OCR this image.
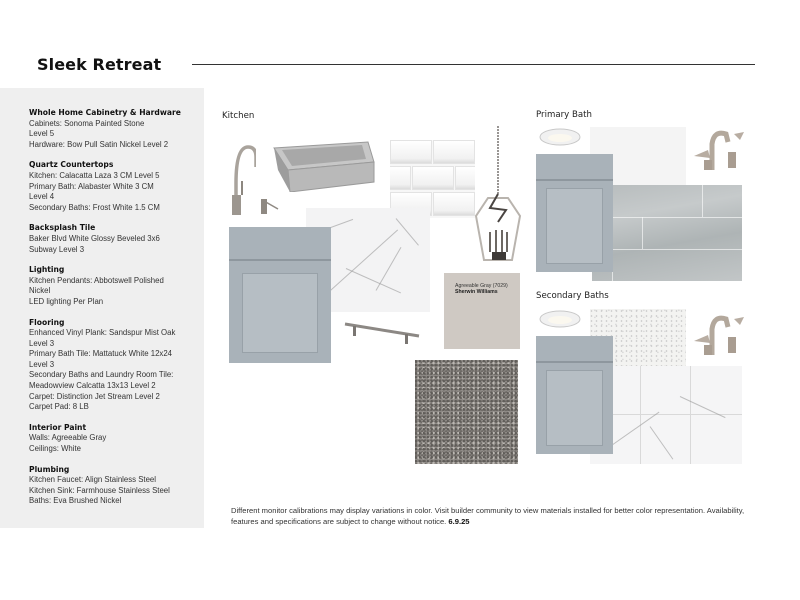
Sleek Retreat
Whole Home Cabinetry & Hardware
Cabinets: Sonoma Painted Stone
Level 5
Hardware: Bow Pull Satin Nickel Level 2
Quartz Countertops
Kitchen: Calacatta Laza 3 CM Level 5
Primary Bath: Alabaster White 3 CM
Level 4
Secondary Baths: Frost White 1.5 CM
Backsplash Tile
Baker Blvd White Glossy Beveled 3x6
Subway Level 3
Lighting
Kitchen Pendants: Abbotswell Polished
Nickel
LED lighting Per Plan
Flooring
Enhanced Vinyl Plank: Sandspur Mist Oak
Level 3
Primary Bath Tile: Mattatuck White 12x24
Level 3
Secondary Baths and Laundry Room Tile:
Meadowview Calcatta 13x13 Level 2
Carpet: Distinction Jet Stream Level 2
Carpet Pad: 8 LB
Interior Paint
Walls: Agreeable Gray
Ceilings: White
Plumbing
Kitchen Faucet: Align Stainless Steel
Kitchen Sink: Farmhouse Stainless Steel
Baths: Eva Brushed Nickel
Kitchen
Agreeable Gray (7029)
Sherwin Williams
Primary Bath
Secondary Baths
Different monitor calibrations may display variations in color. Visit builder community to view materials installed for better color representation. Availability, features and specifications are subject to change without notice. 6.9.25
